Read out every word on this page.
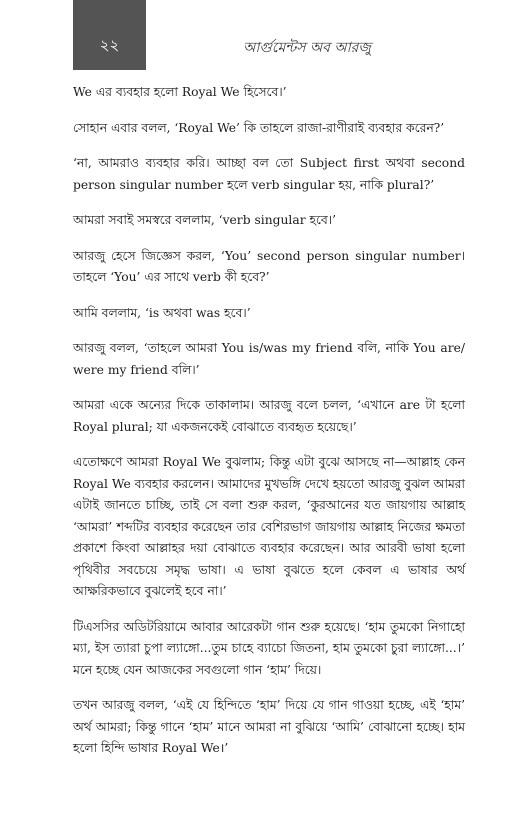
২২	আর্গুমেন্টস অব আরজু

We এর ব্যবহার হলো Royal We হিসেবে।’

সোহান এবার বলল, ‘Royal We’ কি তাহলে রাজা-রাণীরাই ব্যবহার করেন?’

‘না, আমরাও ব্যবহার করি। আচ্ছা বল তো Subject first অথবা second person singular number হলে verb singular হয়, নাকি plural?’

আমরা সবাই সমস্বরে বললাম, ‘verb singular হবে।’

আরজু হেসে জিজ্ঞেস করল, ‘You’ second person singular number। তাহলে ‘You’ এর সাথে verb কী হবে?’

আমি বললাম, ‘is অথবা was হবে।’

আরজু বলল, ‘তাহলে আমরা You is/was my friend বলি, নাকি You are/ were my friend বলি।’

আমরা একে অন্যের দিকে তাকালাম। আরজু বলে চলল, ‘এখানে are টা হলো Royal plural; যা একজনকেই বোঝাতে ব্যবহৃত হয়েছে।’

এতোক্ষণে আমরা Royal We বুঝলাম; কিন্তু এটা বুঝে আসছে না—আল্লাহ কেন Royal We ব্যবহার করলেন। আমাদের মুখভঙ্গি দেখে হয়তো আরজু বুঝল আমরা এটাই জানতে চাচ্ছি, তাই সে বলা শুরু করল, ‘কুরআনের যত জায়গায় আল্লাহ ‘আমরা’ শব্দটির ব্যবহার করেছেন তার বেশিরভাগ জায়গায় আল্লাহ নিজের ক্ষমতা প্রকাশে কিংবা আল্লাহর দয়া বোঝাতে ব্যবহার করেছেন। আর আরবী ভাষা হলো পৃথিবীর সবচেয়ে সমৃদ্ধ ভাষা। এ ভাষা বুঝতে হলে কেবল এ ভাষার অর্থ আক্ষরিকভাবে বুঝলেই হবে না।’

টিএসসির অডিটরিয়ামে আবার আরেকটা গান শুরু হয়েছে। ‘হাম তুমকো নিগাহো ম্যা, ইস ত্যারা চুপা ল্যাঙ্গো...তুম চাহে ব্যাচো জিতনা, হাম তুমকো চুরা ল্যাঙ্গো...।’ মনে হচ্ছে যেন আজকের সবগুলো গান ‘হাম’ দিয়ে।

তখন আরজু বলল, ‘এই যে হিন্দিতে ‘হাম’ দিয়ে যে গান গাওয়া হচ্ছে, এই ‘হাম’ অর্থ আমরা; কিন্তু গানে ‘হাম’ মানে আমরা না বুঝিয়ে ‘আমি’ বোঝানো হচ্ছে। হাম হলো হিন্দি ভাষার Royal We।’
